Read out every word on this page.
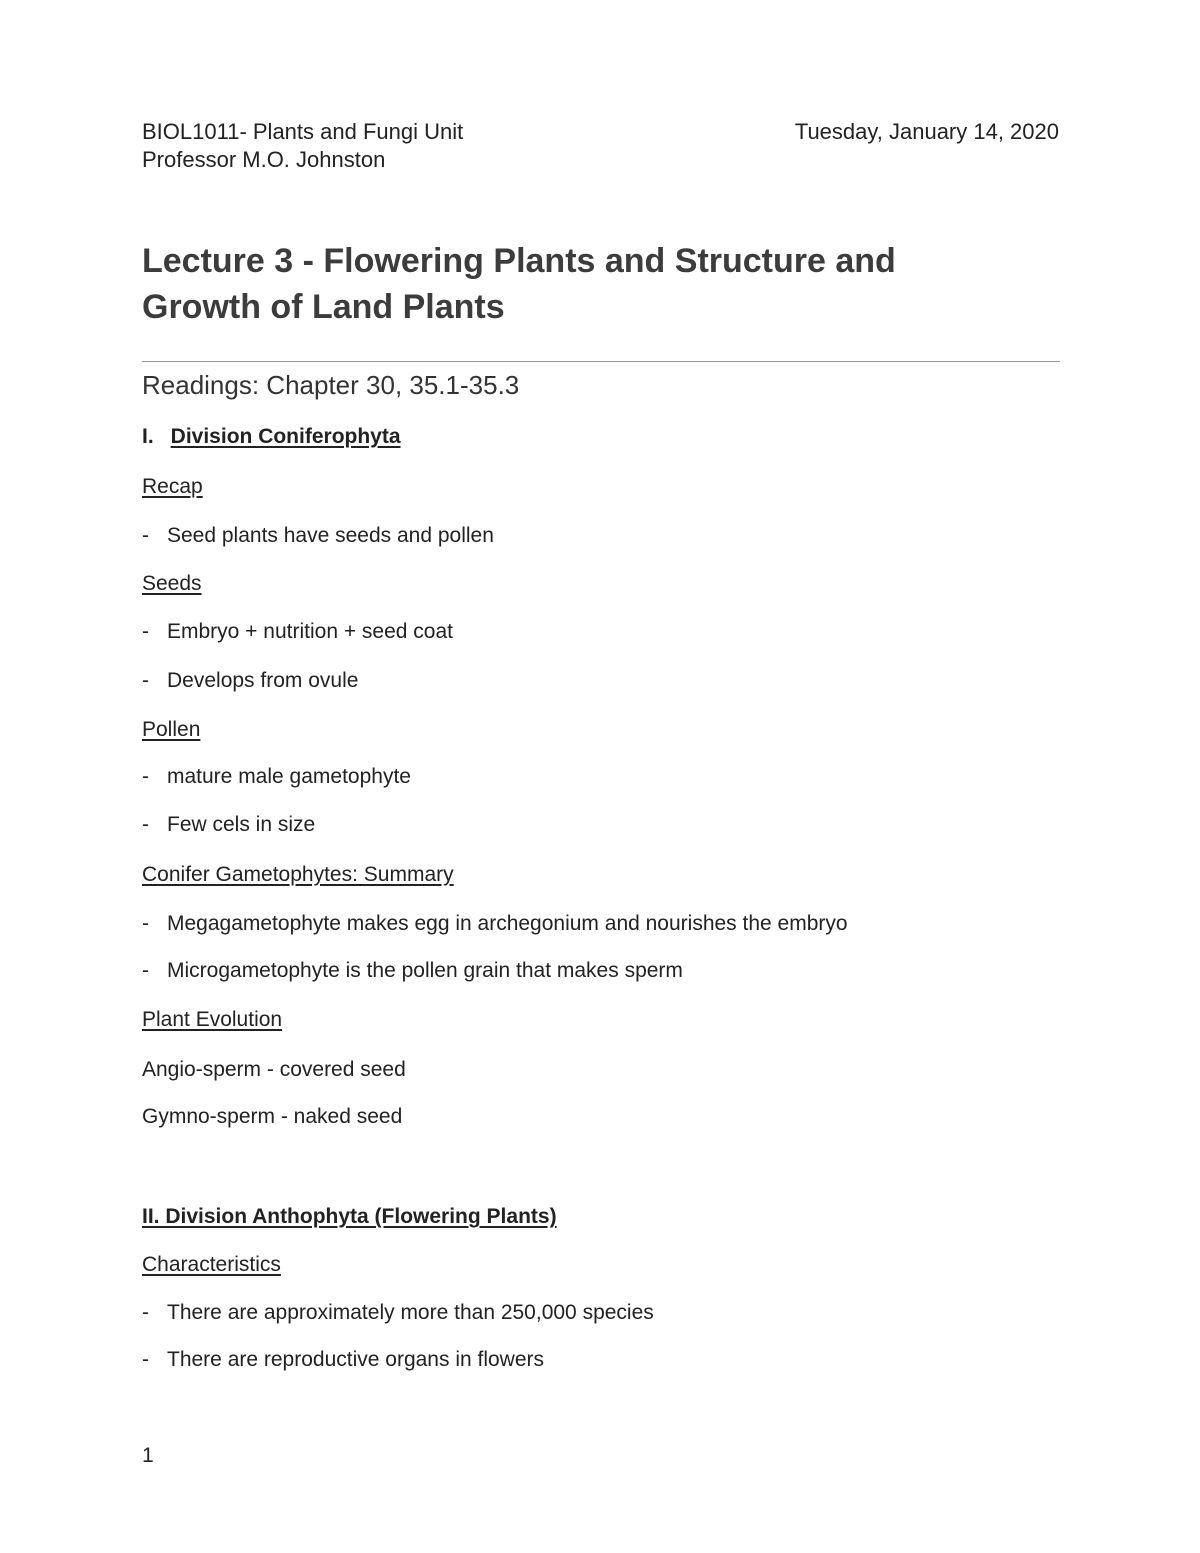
BIOL1011- Plants and Fungi Unit
Professor M.O. Johnston
Tuesday, January 14, 2020
Lecture 3 - Flowering Plants and Structure and
Growth of Land Plants
Readings: Chapter 30, 35.1-35.3
I. Division Coniferophyta
Recap
- Seed plants have seeds and pollen
Seeds
- Embryo + nutrition + seed coat
- Develops from ovule
Pollen
- mature male gametophyte
- Few cels in size
Conifer Gametophytes: Summary
- Megagametophyte makes egg in archegonium and nourishes the embryo
- Microgametophyte is the pollen grain that makes sperm
Plant Evolution
Angio-sperm - covered seed
Gymno-sperm - naked seed
II. Division Anthophyta (Flowering Plants)
Characteristics
- There are approximately more than 250,000 species
- There are reproductive organs in flowers
1
